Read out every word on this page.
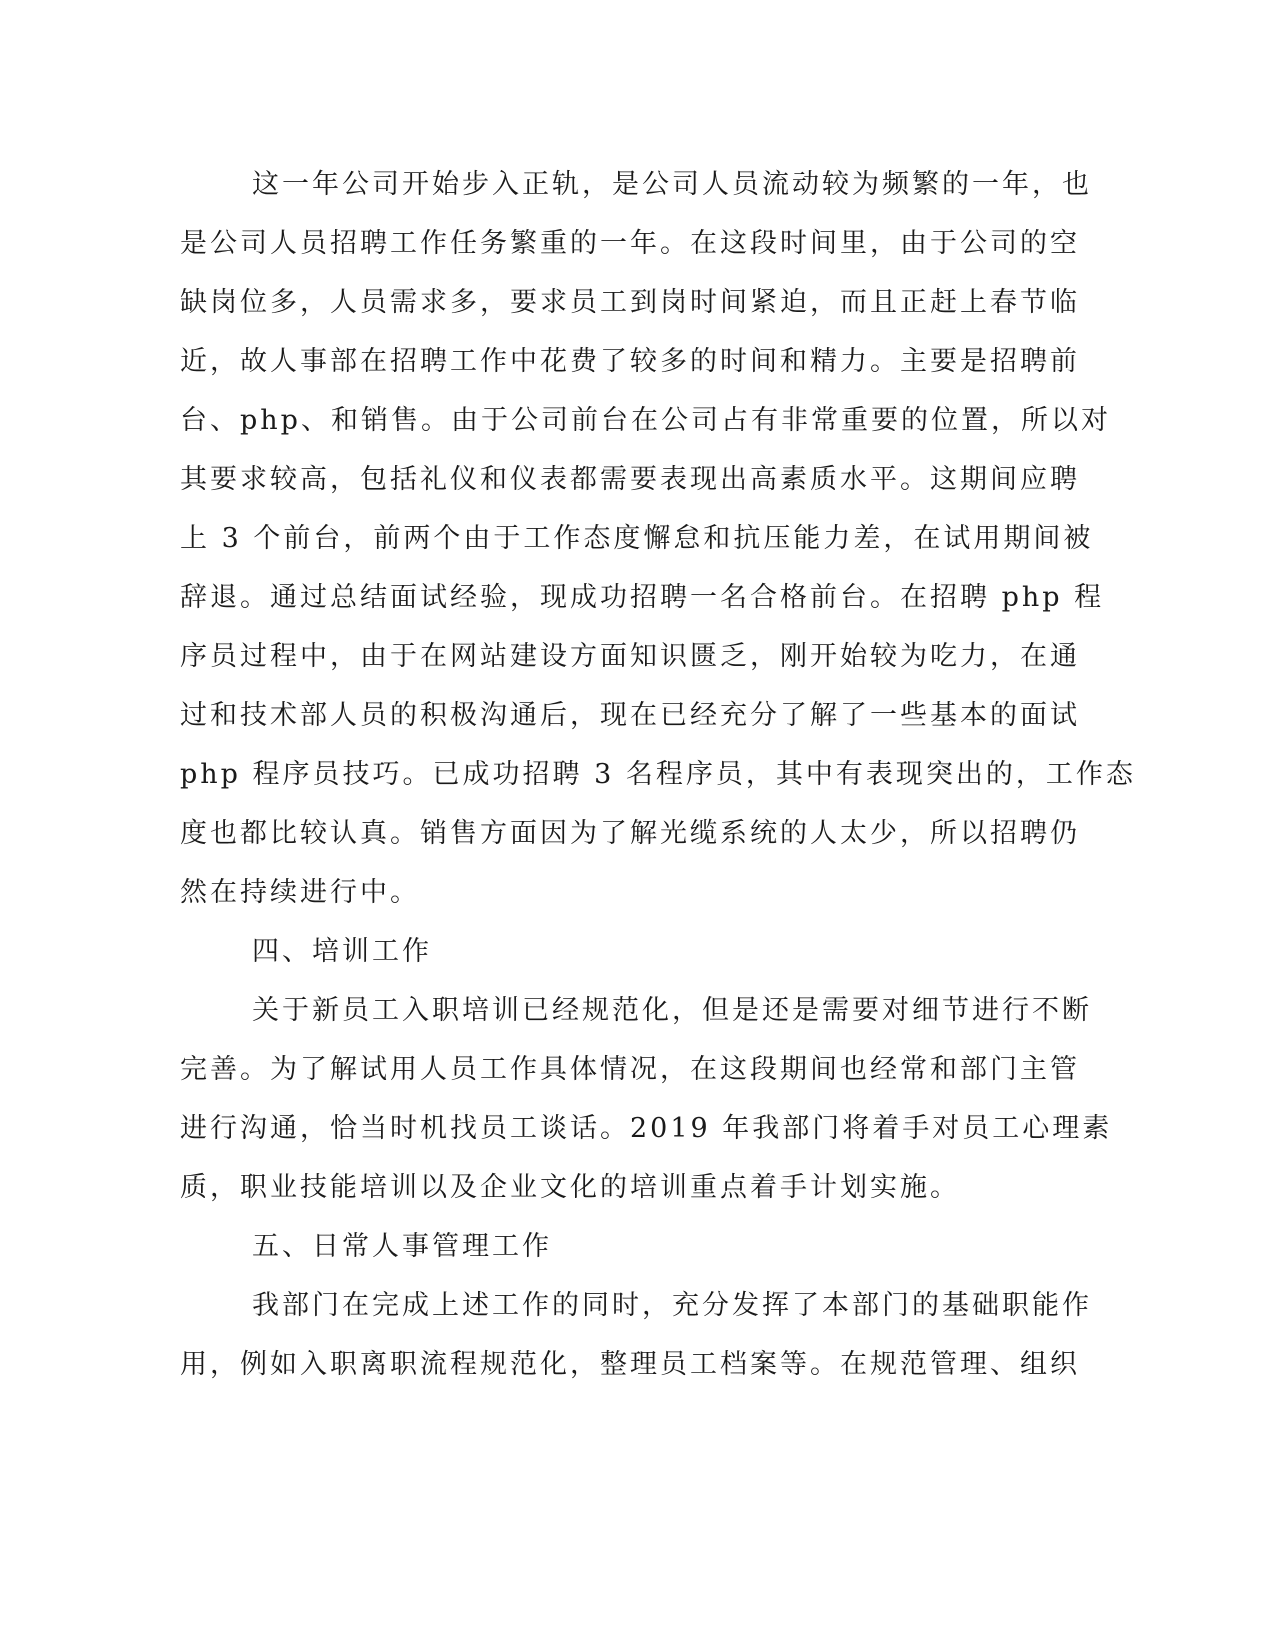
这一年公司开始步入正轨，是公司人员流动较为频繁的一年，也
是公司人员招聘工作任务繁重的一年。在这段时间里，由于公司的空
缺岗位多，人员需求多，要求员工到岗时间紧迫，而且正赶上春节临
近，故人事部在招聘工作中花费了较多的时间和精力。主要是招聘前
台、php、和销售。由于公司前台在公司占有非常重要的位置，所以对
其要求较高，包括礼仪和仪表都需要表现出高素质水平。这期间应聘
上 3 个前台，前两个由于工作态度懈怠和抗压能力差，在试用期间被
辞退。通过总结面试经验，现成功招聘一名合格前台。在招聘 php 程
序员过程中，由于在网站建设方面知识匮乏，刚开始较为吃力，在通
过和技术部人员的积极沟通后，现在已经充分了解了一些基本的面试
php 程序员技巧。已成功招聘 3 名程序员，其中有表现突出的，工作态
度也都比较认真。销售方面因为了解光缆系统的人太少，所以招聘仍
然在持续进行中。
四、培训工作
关于新员工入职培训已经规范化，但是还是需要对细节进行不断
完善。为了解试用人员工作具体情况，在这段期间也经常和部门主管
进行沟通，恰当时机找员工谈话。2019 年我部门将着手对员工心理素
质，职业技能培训以及企业文化的培训重点着手计划实施。
五、日常人事管理工作
我部门在完成上述工作的同时，充分发挥了本部门的基础职能作
用，例如入职离职流程规范化，整理员工档案等。在规范管理、组织
